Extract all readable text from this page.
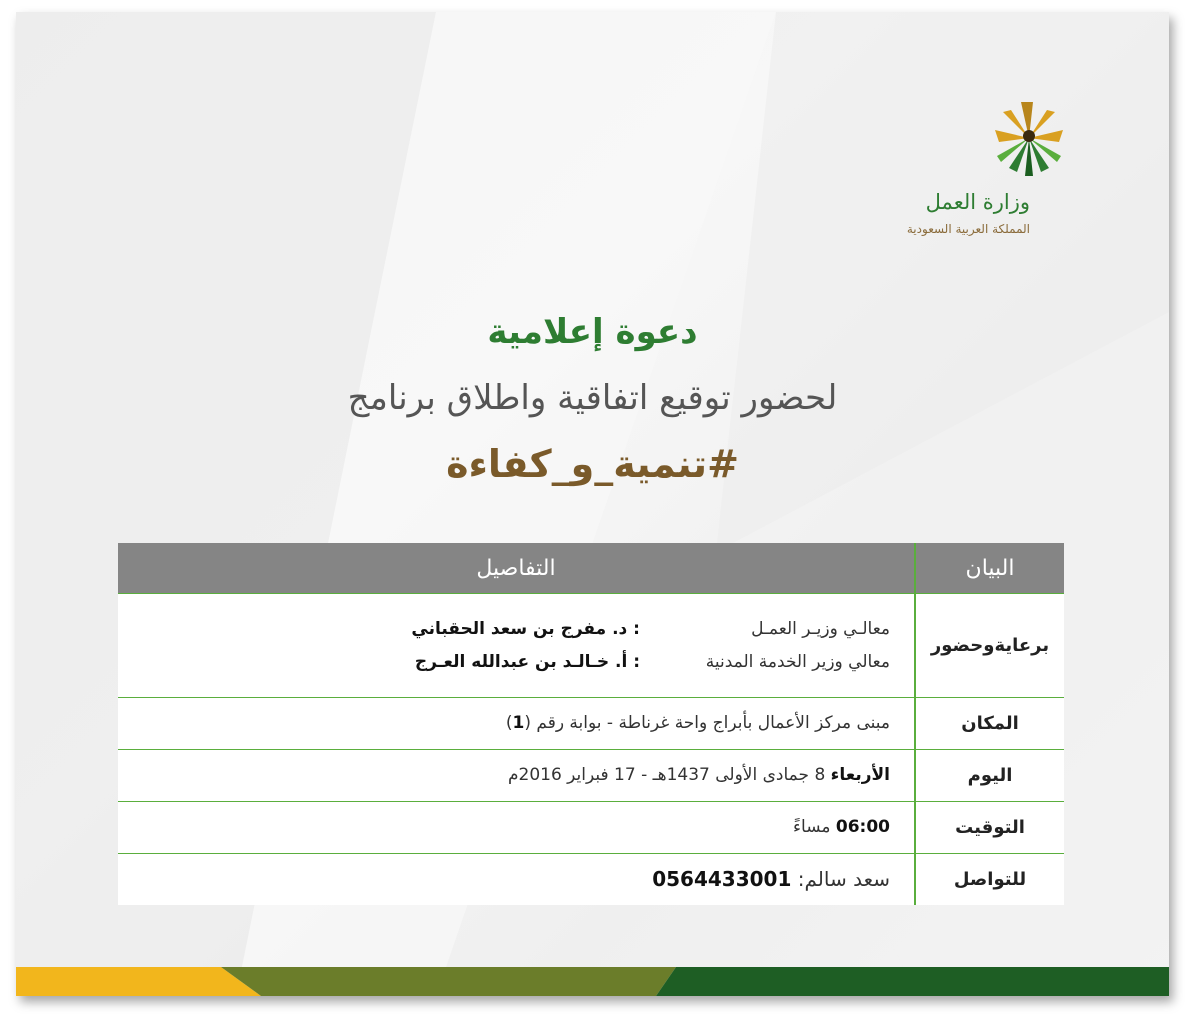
وزارة العمل
المملكة العربية السعودية
دعوة إعلامية
لحضور توقيع اتفاقية واطلاق برنامج
#تنمية_و_كفاءة
البيان
التفاصيل
برعاية

وحضور
معالـي وزيـر العمـل: د. مفرج بن سعد الحقباني
معالي وزير الخدمة المدنية: أ. خـالـد بن عبدالله العـرج
المكان
مبنى مركز الأعمال بأبراج واحة غرناطة - بوابة رقم (1)
اليوم
الأربعاء 8 جمادى الأولى 1437هـ - 17 فبراير 2016م
التوقيت
06:00 مساءً
للتواصل
سعد سالم: 0564433001
